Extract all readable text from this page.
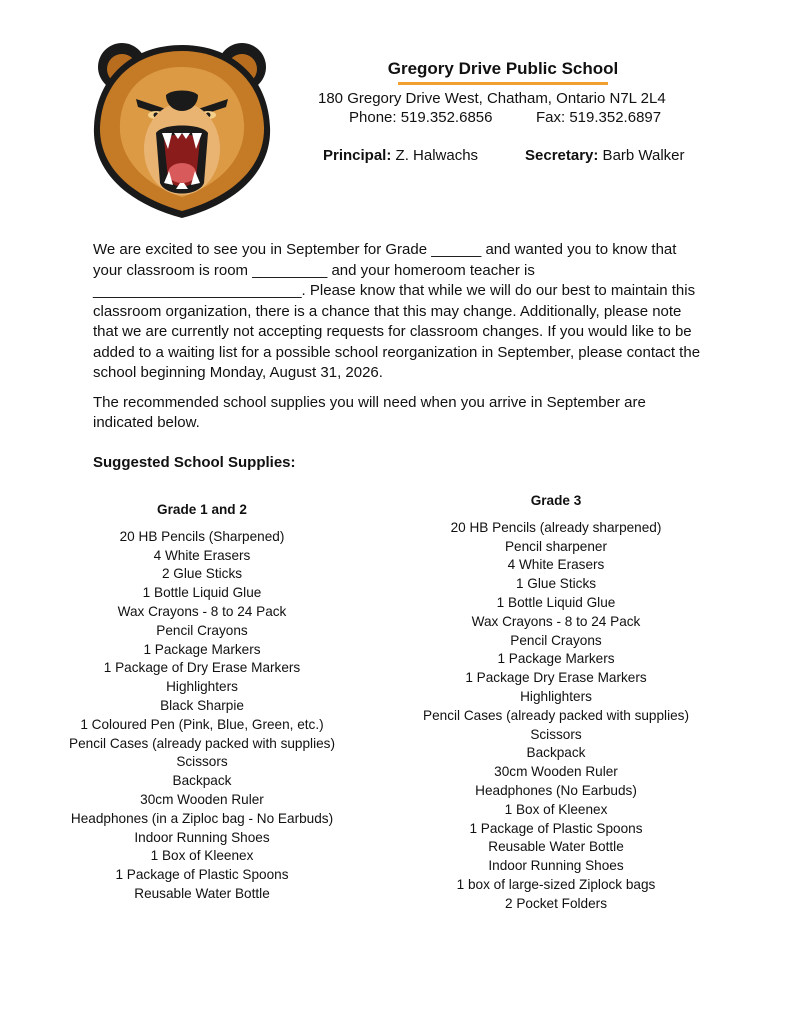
Gregory Drive Public School
180 Gregory Drive West, Chatham, Ontario N7L 2L4
Phone: 519.352.6856	Fax: 519.352.6897
Principal: Z. Halwachs	Secretary: Barb Walker

We are excited to see you in September for Grade ______ and wanted you to know that your classroom is room _________ and your homeroom teacher is _________________________. Please know that while we will do our best to maintain this classroom organization, there is a chance that this may change. Additionally, please note that we are currently not accepting requests for classroom changes. If you would like to be added to a waiting list for a possible school reorganization in September, please contact the school beginning Monday, August 31, 2026.

The recommended school supplies you will need when you arrive in September are indicated below.

Suggested School Supplies:
Grade 1 and 2
20 HB Pencils (Sharpened)
4 White Erasers
2 Glue Sticks
1 Bottle Liquid Glue
Wax Crayons - 8 to 24 Pack
Pencil Crayons
1 Package Markers
1 Package of Dry Erase Markers
Highlighters
Black Sharpie
1 Coloured Pen (Pink, Blue, Green, etc.)
Pencil Cases (already packed with supplies)
Scissors
Backpack
30cm Wooden Ruler
Headphones (in a Ziploc bag - No Earbuds)
Indoor Running Shoes
1 Box of Kleenex
1 Package of Plastic Spoons
Reusable Water Bottle
Grade 3
20 HB Pencils (already sharpened)
Pencil sharpener
4 White Erasers
1 Glue Sticks
1 Bottle Liquid Glue
Wax Crayons - 8 to 24 Pack
Pencil Crayons
1 Package Markers
1 Package Dry Erase Markers
Highlighters
Pencil Cases (already packed with supplies)
Scissors
Backpack
30cm Wooden Ruler
Headphones (No Earbuds)
1 Box of Kleenex
1 Package of Plastic Spoons
Reusable Water Bottle
Indoor Running Shoes
1 box of large-sized Ziplock bags
2 Pocket Folders
